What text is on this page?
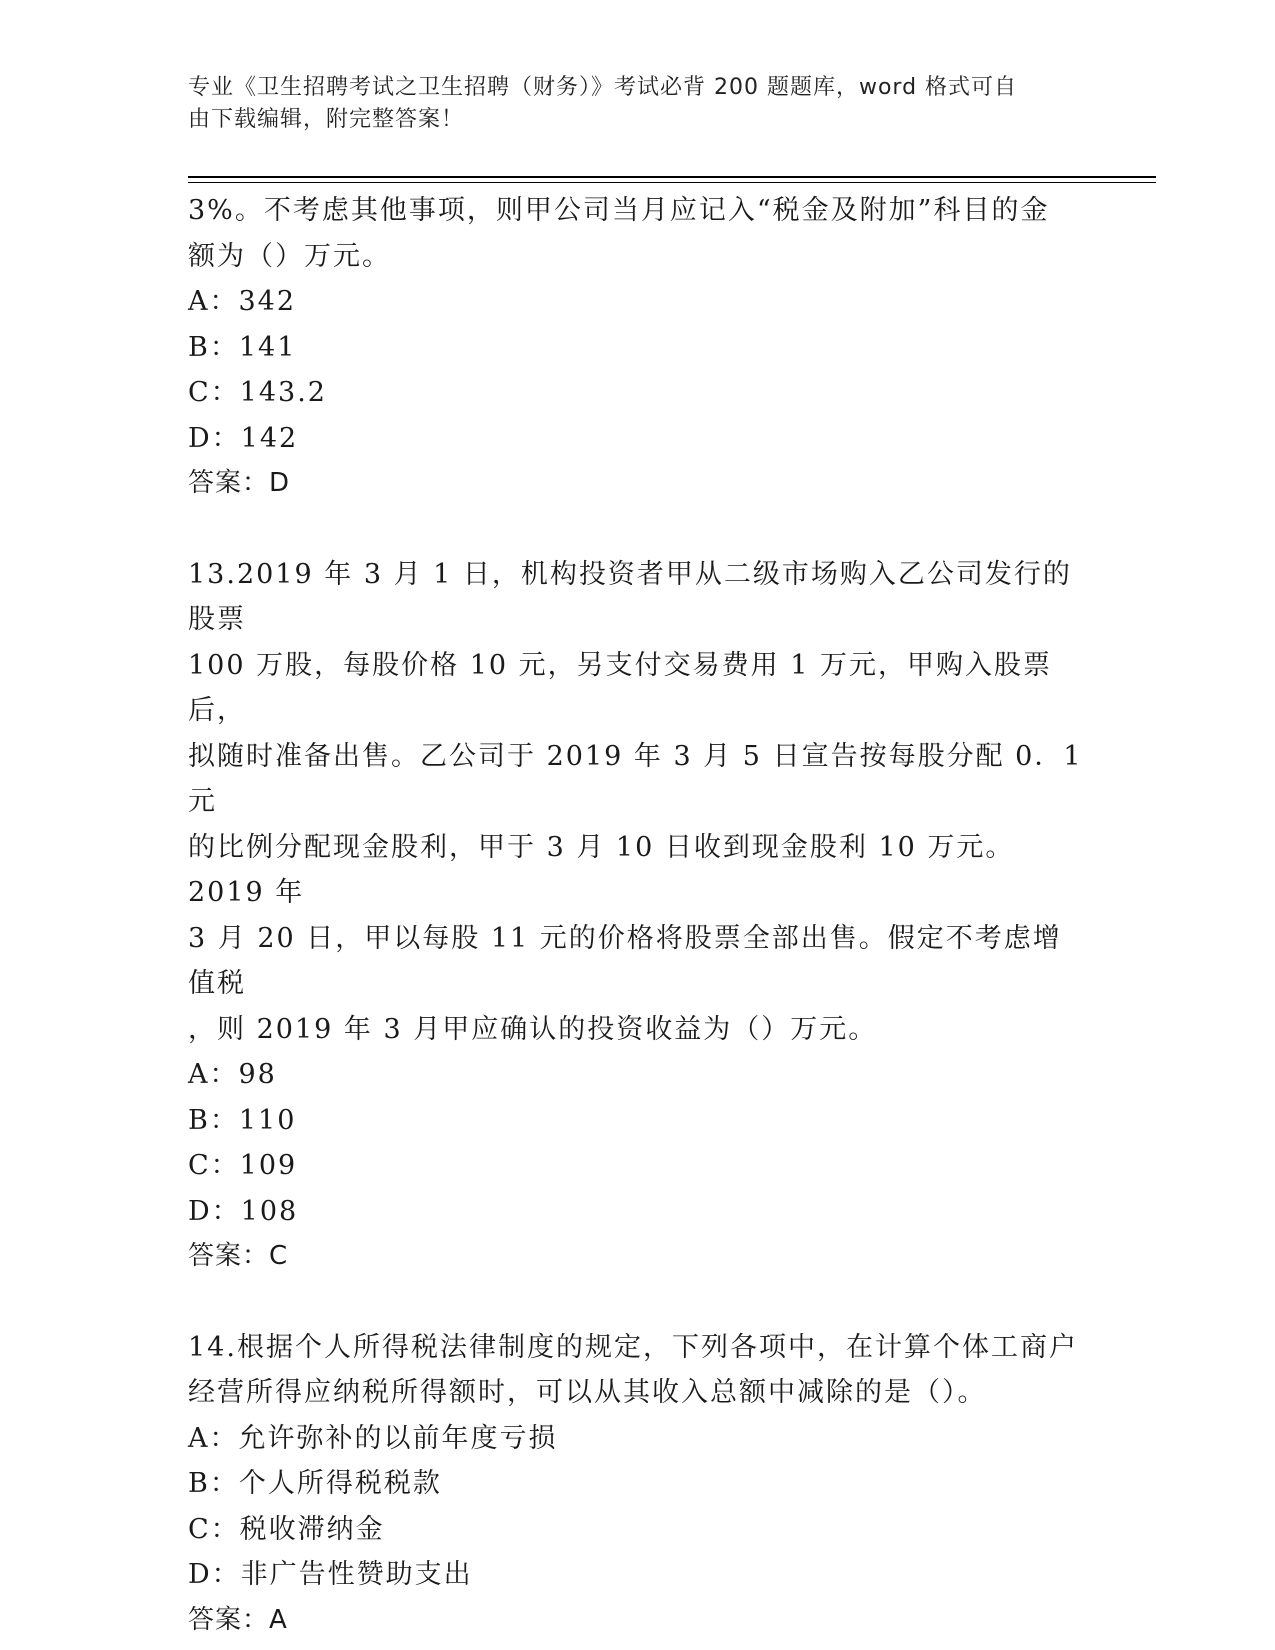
专业《卫生招聘考试之卫生招聘（财务）》考试必背 200 题题库，word 格式可自
由下载编辑，附完整答案！

3%。不考虑其他事项，则甲公司当月应记入“税金及附加”科目的金

额为（）万元。

A：342

B：141

C：143.2

D：142

答案：D

13.2019 年 3 月 1 日，机构投资者甲从二级市场购入乙公司发行的股票

100 万股，每股价格 10 元，另支付交易费用 1 万元，甲购入股票后，

拟随时准备出售。乙公司于 2019 年 3 月 5 日宣告按每股分配 0．1 元

的比例分配现金股利，甲于 3 月 10 日收到现金股利 10 万元。2019 年

3 月 20 日，甲以每股 11 元的价格将股票全部出售。假定不考虑增值税

，则 2019 年 3 月甲应确认的投资收益为（）万元。

A：98

B：110

C：109

D：108

答案：C

14.根据个人所得税法律制度的规定，下列各项中，在计算个体工商户

经营所得应纳税所得额时，可以从其收入总额中减除的是（）。

A：允许弥补的以前年度亏损

B：个人所得税税款

C：税收滞纳金

D：非广告性赞助支出

答案：A
